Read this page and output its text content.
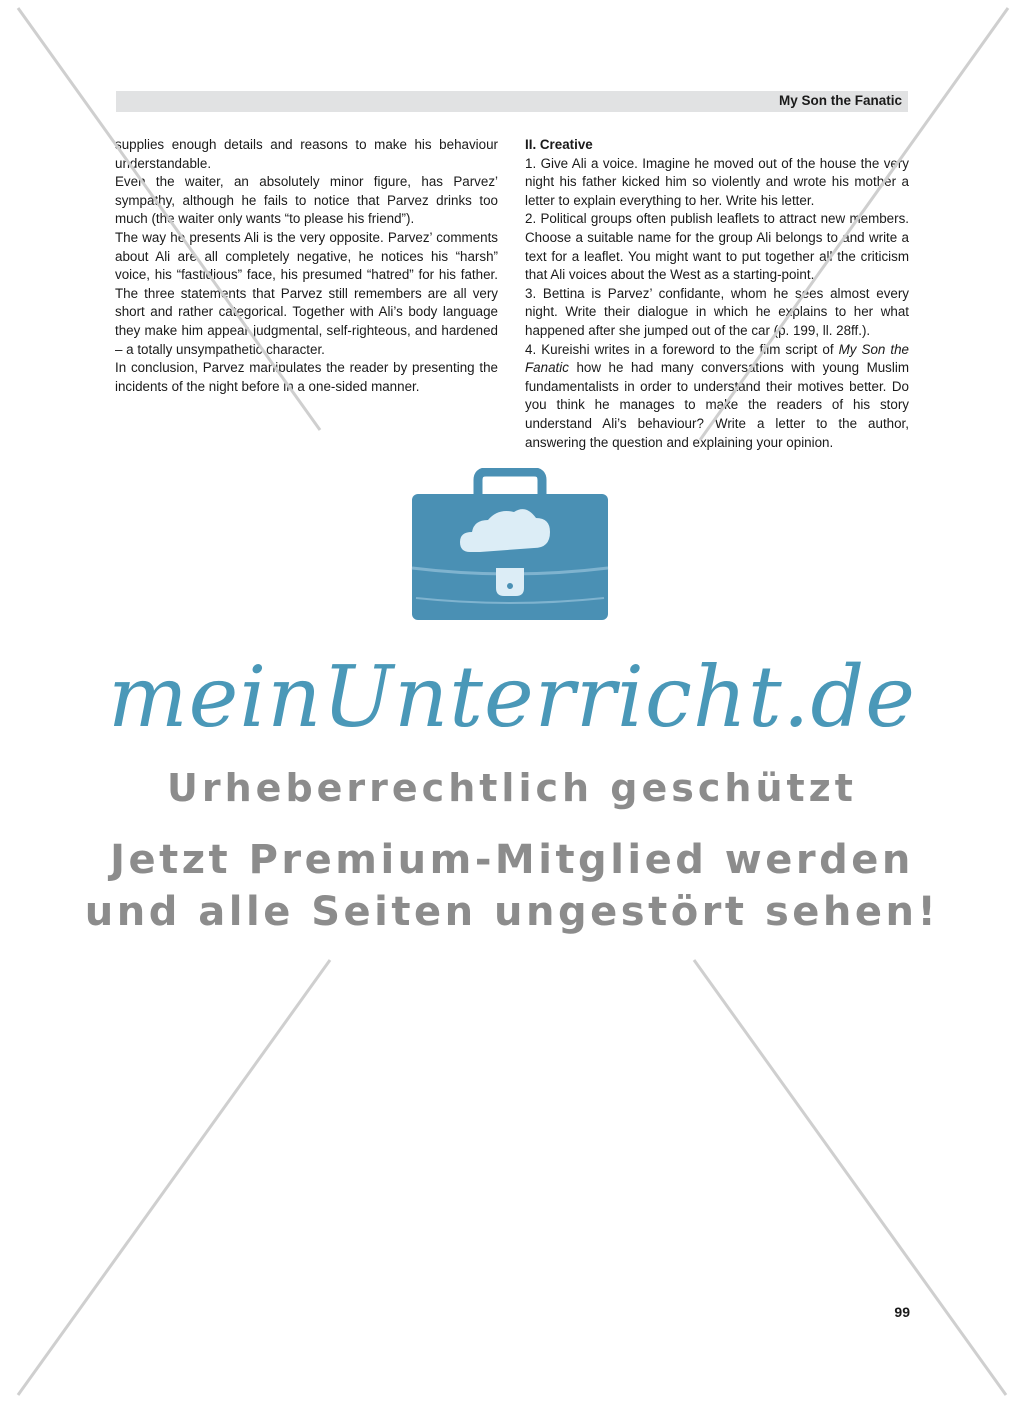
My Son the Fanatic

supplies enough details and reasons to make his behaviour understandable.

Even the waiter, an absolutely minor figure, has Parvez’ sympathy, although he fails to notice that Parvez drinks too much (the waiter only wants “to please his friend”).

The way he presents Ali is the very opposite. Parvez’ comments about Ali are all completely negative, he notices his “harsh” voice, his “fastidious” face, his presumed “hatred” for his father. The three statements that Parvez still remembers are all very short and rather categorical. Together with Ali’s body language they make him appear judgmental, self-righteous, and hardened – a totally unsympathetic character.

In conclusion, Parvez manipulates the reader by presenting the incidents of the night before in a one-sided manner.

II. Creative

1. Give Ali a voice. Imagine he moved out of the house the very night his father kicked him so violently and wrote his mother a letter to explain everything to her. Write his letter.

2. Political groups often publish leaflets to attract new members. Choose a suitable name for the group Ali belongs to and write a text for a leaflet. You might want to put together all the criticism that Ali voices about the West as a starting-point.

3. Bettina is Parvez’ confidante, whom he sees almost every night. Write their dialogue in which he explains to her what happened after she jumped out of the car (p. 199, ll. 28ff.).

4. Kureishi writes in a foreword to the film script of My Son the Fanatic how he had many conversations with young Muslim fundamentalists in order to understand their motives better. Do you think he manages to make the readers of his story understand Ali’s behaviour? Write a letter to the author, answering the question and explaining your opinion.

meinUnterricht.de
Urheberrechtlich geschützt
Jetzt Premium-Mitglied werden
und alle Seiten ungestört sehen!
99
